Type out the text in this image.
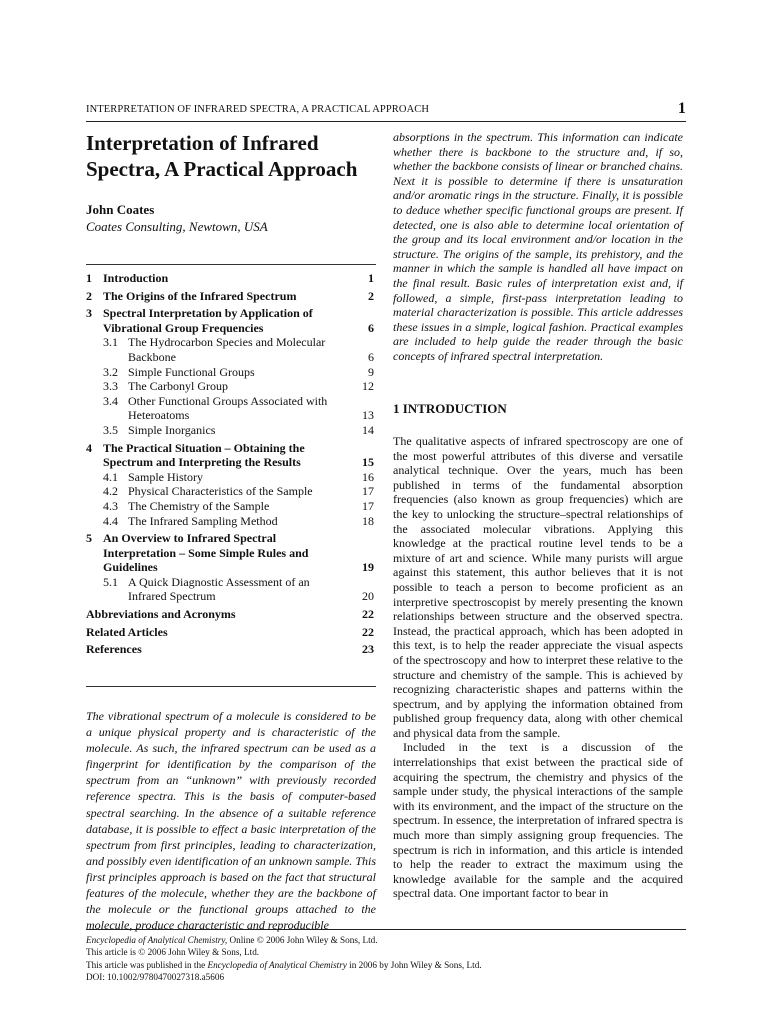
INTERPRETATION OF INFRARED SPECTRA, A PRACTICAL APPROACH	1
Interpretation of Infrared Spectra, A Practical Approach
John Coates
Coates Consulting, Newtown, USA
1 Introduction	1
2 The Origins of the Infrared Spectrum	2
3 Spectral Interpretation by Application of Vibrational Group Frequencies	6
3.1 The Hydrocarbon Species and Molecular Backbone	6
3.2 Simple Functional Groups	9
3.3 The Carbonyl Group	12
3.4 Other Functional Groups Associated with Heteroatoms	13
3.5 Simple Inorganics	14
4 The Practical Situation – Obtaining the Spectrum and Interpreting the Results	15
4.1 Sample History	16
4.2 Physical Characteristics of the Sample	17
4.3 The Chemistry of the Sample	17
4.4 The Infrared Sampling Method	18
5 An Overview to Infrared Spectral Interpretation – Some Simple Rules and Guidelines	19
5.1 A Quick Diagnostic Assessment of an Infrared Spectrum	20
Abbreviations and Acronyms	22
Related Articles	22
References	23
The vibrational spectrum of a molecule is considered to be a unique physical property and is characteristic of the molecule. As such, the infrared spectrum can be used as a fingerprint for identification by the comparison of the spectrum from an “unknown” with previously recorded reference spectra. This is the basis of computer-based spectral searching. In the absence of a suitable reference database, it is possible to effect a basic interpretation of the spectrum from first principles, leading to characterization, and possibly even identification of an unknown sample. This first principles approach is based on the fact that structural features of the molecule, whether they are the backbone of the molecule or the functional groups attached to the molecule, produce characteristic and reproducible
absorptions in the spectrum. This information can indicate whether there is backbone to the structure and, if so, whether the backbone consists of linear or branched chains. Next it is possible to determine if there is unsaturation and/or aromatic rings in the structure. Finally, it is possible to deduce whether specific functional groups are present. If detected, one is also able to determine local orientation of the group and its local environment and/or location in the structure. The origins of the sample, its prehistory, and the manner in which the sample is handled all have impact on the final result. Basic rules of interpretation exist and, if followed, a simple, first-pass interpretation leading to material characterization is possible. This article addresses these issues in a simple, logical fashion. Practical examples are included to help guide the reader through the basic concepts of infrared spectral interpretation.
1 INTRODUCTION

The qualitative aspects of infrared spectroscopy are one of the most powerful attributes of this diverse and versatile analytical technique. Over the years, much has been published in terms of the fundamental absorption frequencies (also known as group frequencies) which are the key to unlocking the structure–spectral relationships of the associated molecular vibrations. Applying this knowledge at the practical routine level tends to be a mixture of art and science. While many purists will argue against this statement, this author believes that it is not possible to teach a person to become proficient as an interpretive spectroscopist by merely presenting the known relationships between structure and the observed spectra. Instead, the practical approach, which has been adopted in this text, is to help the reader appreciate the visual aspects of the spectroscopy and how to interpret these relative to the structure and chemistry of the sample. This is achieved by recognizing characteristic shapes and patterns within the spectrum, and by applying the information obtained from published group frequency data, along with other chemical and physical data from the sample.

Included in the text is a discussion of the interrelationships that exist between the practical side of acquiring the spectrum, the chemistry and physics of the sample under study, the physical interactions of the sample with its environment, and the impact of the structure on the spectrum. In essence, the interpretation of infrared spectra is much more than simply assigning group frequencies. The spectrum is rich in information, and this article is intended to help the reader to extract the maximum using the knowledge available for the sample and the acquired spectral data. One important factor to bear in

Encyclopedia of Analytical Chemistry, Online © 2006 John Wiley & Sons, Ltd.
This article is © 2006 John Wiley & Sons, Ltd.
This article was published in the Encyclopedia of Analytical Chemistry in 2006 by John Wiley & Sons, Ltd.
DOI: 10.1002/9780470027318.a5606
